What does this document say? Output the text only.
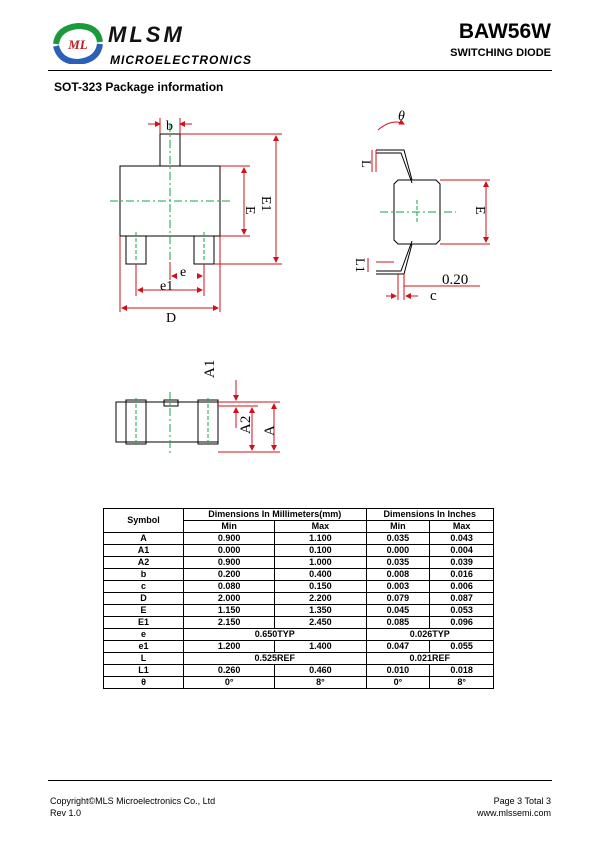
ML MLSM
MICROELECTRONICS
BAW56W
SWITCHING DIODE
SOT-323 Package information
b
E E1
e
e1
D
θ
L
E
L1
0.20
c
A1
A2 A
Symbol	Dimensions In Millimeters(mm)		Dimensions In Inches	
	Min	Max	Min	Max
A	0.900	1.100	0.035	0.043
A1	0.000	0.100	0.000	0.004
A2	0.900	1.000	0.035	0.039
b	0.200	0.400	0.008	0.016
c	0.080	0.150	0.003	0.006
D	2.000	2.200	0.079	0.087
E	1.150	1.350	0.045	0.053
E1	2.150	2.450	0.085	0.096
e	0.650TYP		0.026TYP	
e1	1.200	1.400	0.047	0.055
L	0.525REF		0.021REF	
L1	0.260	0.460	0.010	0.018
θ	0°	8°	0°	8°
Copyright©MLS Microelectronics Co., Ltd
Rev 1.0
Page 3 Total 3
www.mlssemi.com
